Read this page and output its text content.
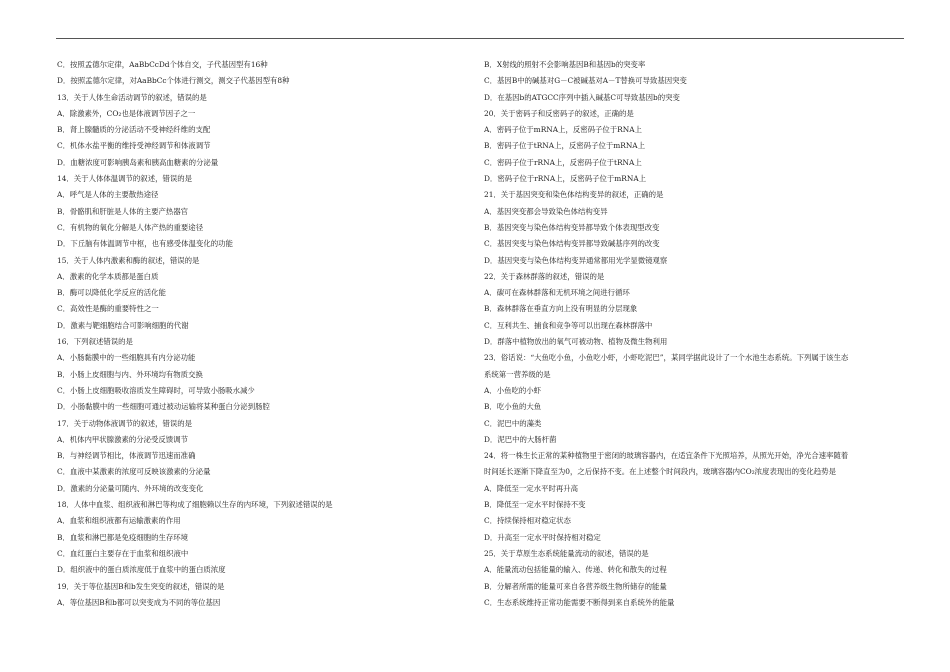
C．按照孟德尔定律，AaBbCcDd个体自交，子代基因型有16种
D．按照孟德尔定律，对AaBbCc个体进行测交，测交子代基因型有8种
13．关于人体生命活动调节的叙述，错误的是
A．除激素外，CO₂也是体液调节因子之一
B．肾上腺髓质的分泌活动不受神经纤维的支配
C．机体水盐平衡的维持受神经调节和体液调节
D．血糖浓度可影响胰岛素和胰高血糖素的分泌量
14．关于人体体温调节的叙述，错误的是
A．呼气是人体的主要散热途径
B．骨骼肌和肝脏是人体的主要产热器官
C．有机物的氧化分解是人体产热的重要途径
D．下丘脑有体温调节中枢，也有感受体温变化的功能
15．关于人体内激素和酶的叙述，错误的是
A．激素的化学本质都是蛋白质
B．酶可以降低化学反应的活化能
C．高效性是酶的重要特性之一
D．激素与靶细胞结合可影响细胞的代谢
16．下列叙述错误的是
A．小肠黏膜中的一些细胞具有内分泌功能
B．小肠上皮细胞与内、外环境均有物质交换
C．小肠上皮细胞吸收溶质发生障碍时，可导致小肠吸水减少
D．小肠黏膜中的一些细胞可通过被动运输将某种蛋白分泌到肠腔
17．关于动物体液调节的叙述，错误的是
A．机体内甲状腺激素的分泌受反馈调节
B．与神经调节相比，体液调节迅速而准确
C．血液中某激素的浓度可反映该激素的分泌量
D．激素的分泌量可随内、外环境的改变变化
18．人体中血浆、组织液和淋巴等构成了细胞赖以生存的内环境，下列叙述错误的是
A．血浆和组织液都有运输激素的作用
B．血浆和淋巴都是免疫细胞的生存环境
C．血红蛋白主要存在于血浆和组织液中
D．组织液中的蛋白质浓度低于血浆中的蛋白质浓度
19．关于等位基因B和b发生突变的叙述，错误的是
A．等位基因B和b都可以突变成为不同的等位基因
B．X射线的照射不会影响基因B和基因b的突变率
C．基因B中的碱基对G－C被碱基对A－T替换可导致基因突变
D．在基因b的ATGCC序列中插入碱基C可导致基因b的突变
20．关于密码子和反密码子的叙述，正确的是
A．密码子位于mRNA上，反密码子位于RNA上
B．密码子位于tRNA上，反密码子位于mRNA上
C．密码子位于rRNA上，反密码子位于tRNA上
D．密码子位于rRNA上，反密码子位于mRNA上
21．关于基因突变和染色体结构变异的叙述，正确的是
A．基因突变都会导致染色体结构变异
B．基因突变与染色体结构变异都导致个体表现型改变
C．基因突变与染色体结构变异都导致碱基序列的改变
D．基因突变与染色体结构变异通常都用光学显微镜观察
22．关于森林群落的叙述，错误的是
A．碳可在森林群落和无机环境之间进行循环
B．森林群落在垂直方向上没有明显的分层现象
C．互利共生、捕食和竞争等可以出现在森林群落中
D．群落中植物放出的氧气可被动物、植物及微生物利用
23．俗话说：“大鱼吃小鱼，小鱼吃小虾，小虾吃泥巴”，某同学据此设计了一个水池生态系统。下列属于该生态
系统第一营养级的是
A．小鱼吃的小虾
B．吃小鱼的大鱼
C．泥巴中的藻类
D．泥巴中的大肠杆菌
24．将一株生长正常的某种植物里于密闭的玻璃容器内，在适宜条件下光照培养，从照光开始，净光合速率随着
时间延长逐渐下降直至为0，之后保持不变。在上述整个时间段内，玻璃容器内CO₂浓度表现出的变化趋势是
A．降低至一定水平时再升高
B．降低至一定水平时保持不变
C．持续保持相对稳定状态
D．升高至一定水平时保持相对稳定
25．关于草原生态系统能量流动的叙述，错误的是
A．能量流动包括能量的输入、传递、转化和散失的过程
B．分解者所需的能量可来自各营养级生物所储存的能量
C．生态系统维持正常功能需要不断得到来自系统外的能量
